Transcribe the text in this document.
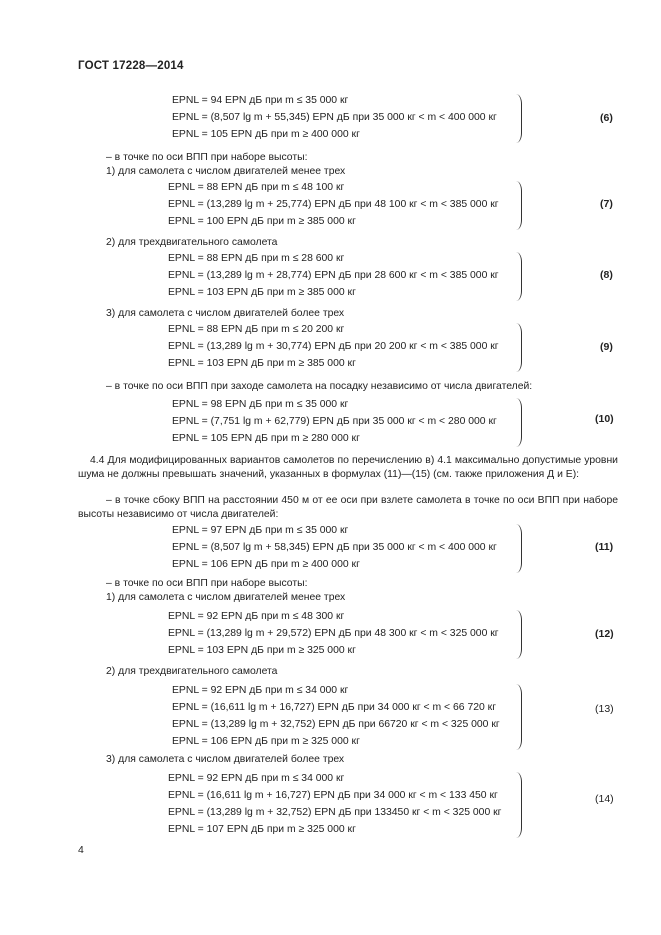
ГОСТ 17228—2014
EPNL = 94 EPN дБ при m ≤ 35 000 кг
EPNL = (8,507 lg m + 55,345) EPN дБ при 35 000 кг < m < 400 000 кг
EPNL = 105 EPN дБ при m ≥ 400 000 кг
(6)
EPNL = 88 EPN дБ при m ≤ 48 100 кг
EPNL = (13,289 lg m + 25,774) EPN дБ при 48 100 кг < m < 385 000 кг
EPNL = 100 EPN дБ при m ≥ 385 000 кг
(7)
EPNL = 88 EPN дБ при m ≤ 28 600 кг
EPNL = (13,289 lg m + 28,774) EPN дБ при 28 600 кг < m < 385 000 кг
EPNL = 103 EPN дБ при m ≥ 385 000 кг
(8)
EPNL = 88 EPN дБ при m ≤ 20 200 кг
EPNL = (13,289 lg m + 30,774) EPN дБ при 20 200 кг < m < 385 000 кг
EPNL = 103 EPN дБ при m ≥ 385 000 кг
(9)
EPNL = 98 EPN дБ при m ≤ 35 000 кг
EPNL = (7,751 lg m + 62,779) EPN дБ при 35 000 кг < m < 280 000 кг
EPNL = 105 EPN дБ при m ≥ 280 000 кг
(10)
EPNL = 97 EPN дБ при m ≤ 35 000 кг
EPNL = (8,507 lg m + 58,345) EPN дБ при 35 000 кг < m < 400 000 кг
EPNL = 106 EPN дБ при m ≥ 400 000 кг
(11)
EPNL = 92 EPN дБ при m ≤ 48 300 кг
EPNL = (13,289 lg m + 29,572) EPN дБ при 48 300 кг < m < 325 000 кг
EPNL = 103 EPN дБ при m ≥ 325 000 кг
(12)
EPNL = 92 EPN дБ при m ≤ 34 000 кг
EPNL = (16,611 lg m + 16,727) EPN дБ при 34 000 кг < m < 66 720 кг
EPNL = (13,289 lg m + 32,752) EPN дБ при 66720 кг < m < 325 000 кг
EPNL = 106 EPN дБ при m ≥ 325 000 кг
(13)
EPNL = 92 EPN дБ при m ≤ 34 000 кг
EPNL = (16,611 lg m + 16,727) EPN дБ при 34 000 кг < m < 133 450 кг
EPNL = (13,289 lg m + 32,752) EPN дБ при 133450 кг < m < 325 000 кг
EPNL = 107 EPN дБ при m ≥ 325 000 кг
(14)
– в точке по оси ВПП при наборе высоты:
1) для самолета с числом двигателей менее трех
2) для трехдвигательного самолета
3) для самолета с числом двигателей более трех
– в точке по оси ВПП при заходе самолета на посадку независимо от числа двигателей:
4.4 Для модифицированных вариантов самолетов по перечислению в) 4.1 максимально допустимые уровни шума не должны превышать значений, указанных в формулах (11)—(15) (см. также приложения Д и Е):
– в точке сбоку ВПП на расстоянии 450 м от ее оси при взлете самолета в точке по оси ВПП при наборе высоты независимо от числа двигателей:
– в точке по оси ВПП при наборе высоты:
1) для самолета с числом двигателей менее трех
2) для трехдвигательного самолета
3) для самолета с числом двигателей более трех
4
